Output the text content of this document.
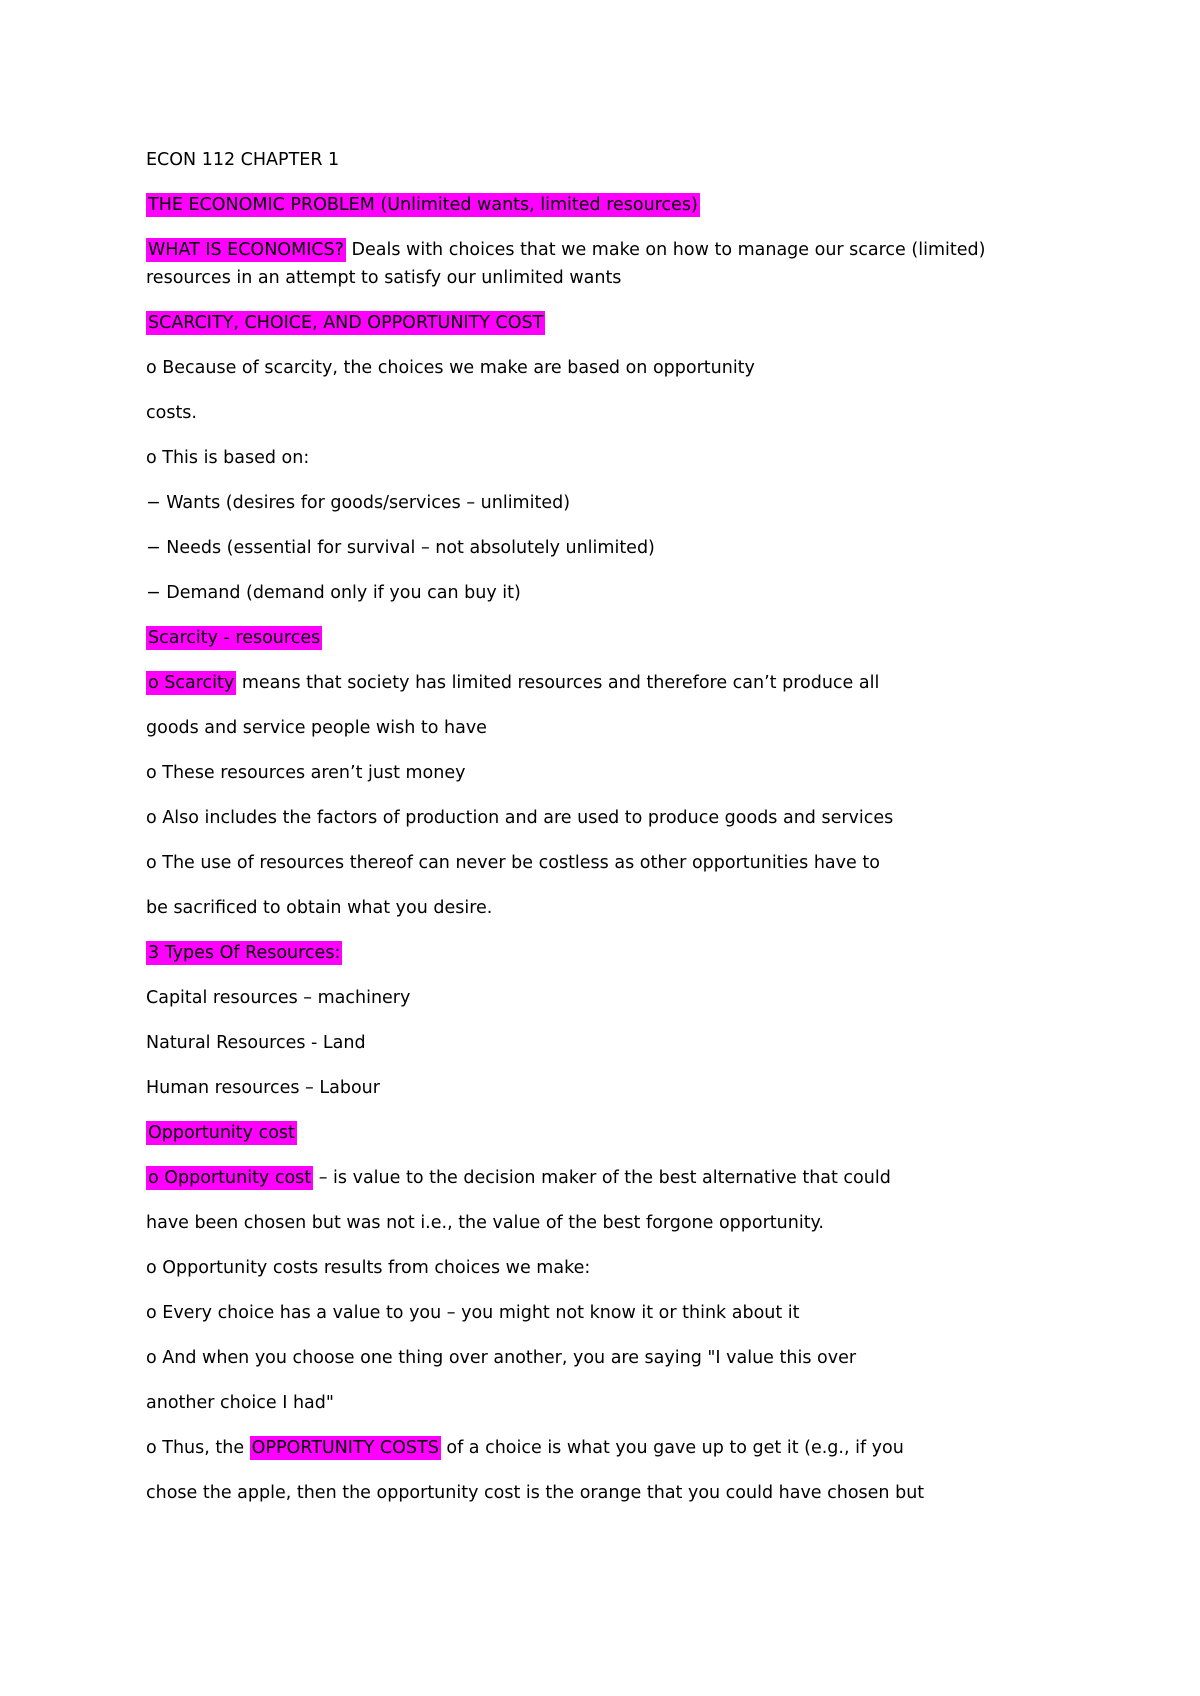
ECON 112 CHAPTER 1
THE ECONOMIC PROBLEM (Unlimited wants, limited resources)
WHAT IS ECONOMICS? Deals with choices that we make on how to manage our scarce (limited) resources in an attempt to satisfy our unlimited wants
SCARCITY, CHOICE, AND OPPORTUNITY COST
o Because of scarcity, the choices we make are based on opportunity
costs.
o This is based on:
− Wants (desires for goods/services – unlimited)
− Needs (essential for survival – not absolutely unlimited)
− Demand (demand only if you can buy it)
Scarcity - resources
o Scarcity means that society has limited resources and therefore can’t produce all
goods and service people wish to have
o These resources aren’t just money
o Also includes the factors of production and are used to produce goods and services
o The use of resources thereof can never be costless as other opportunities have to
be sacrificed to obtain what you desire.
3 Types Of Resources:
Capital resources – machinery
Natural Resources - Land
Human resources – Labour
Opportunity cost
o Opportunity cost – is value to the decision maker of the best alternative that could
have been chosen but was not i.e., the value of the best forgone opportunity.
o Opportunity costs results from choices we make:
o Every choice has a value to you – you might not know it or think about it
o And when you choose one thing over another, you are saying "I value this over
another choice I had"
o Thus, the OPPORTUNITY COSTS of a choice is what you gave up to get it (e.g., if you
chose the apple, then the opportunity cost is the orange that you could have chosen but
